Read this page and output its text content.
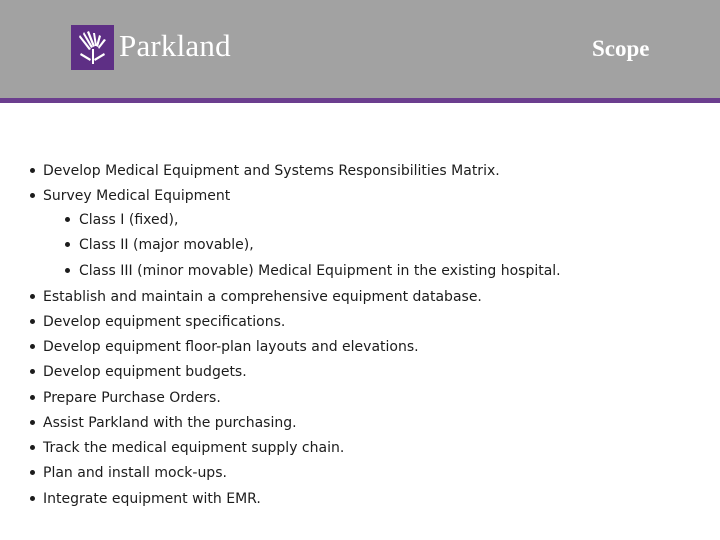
Parkland	Scope
Develop Medical Equipment and Systems Responsibilities Matrix.
Survey Medical Equipment
Class I (fixed),
Class II (major movable),
Class III (minor movable) Medical Equipment in the existing hospital.
Establish and maintain a comprehensive equipment database.
Develop equipment specifications.
Develop equipment floor-plan layouts and elevations.
Develop equipment budgets.
Prepare Purchase Orders.
Assist Parkland with the purchasing.
Track the medical equipment supply chain.
Plan and install mock-ups.
Integrate equipment with EMR.
